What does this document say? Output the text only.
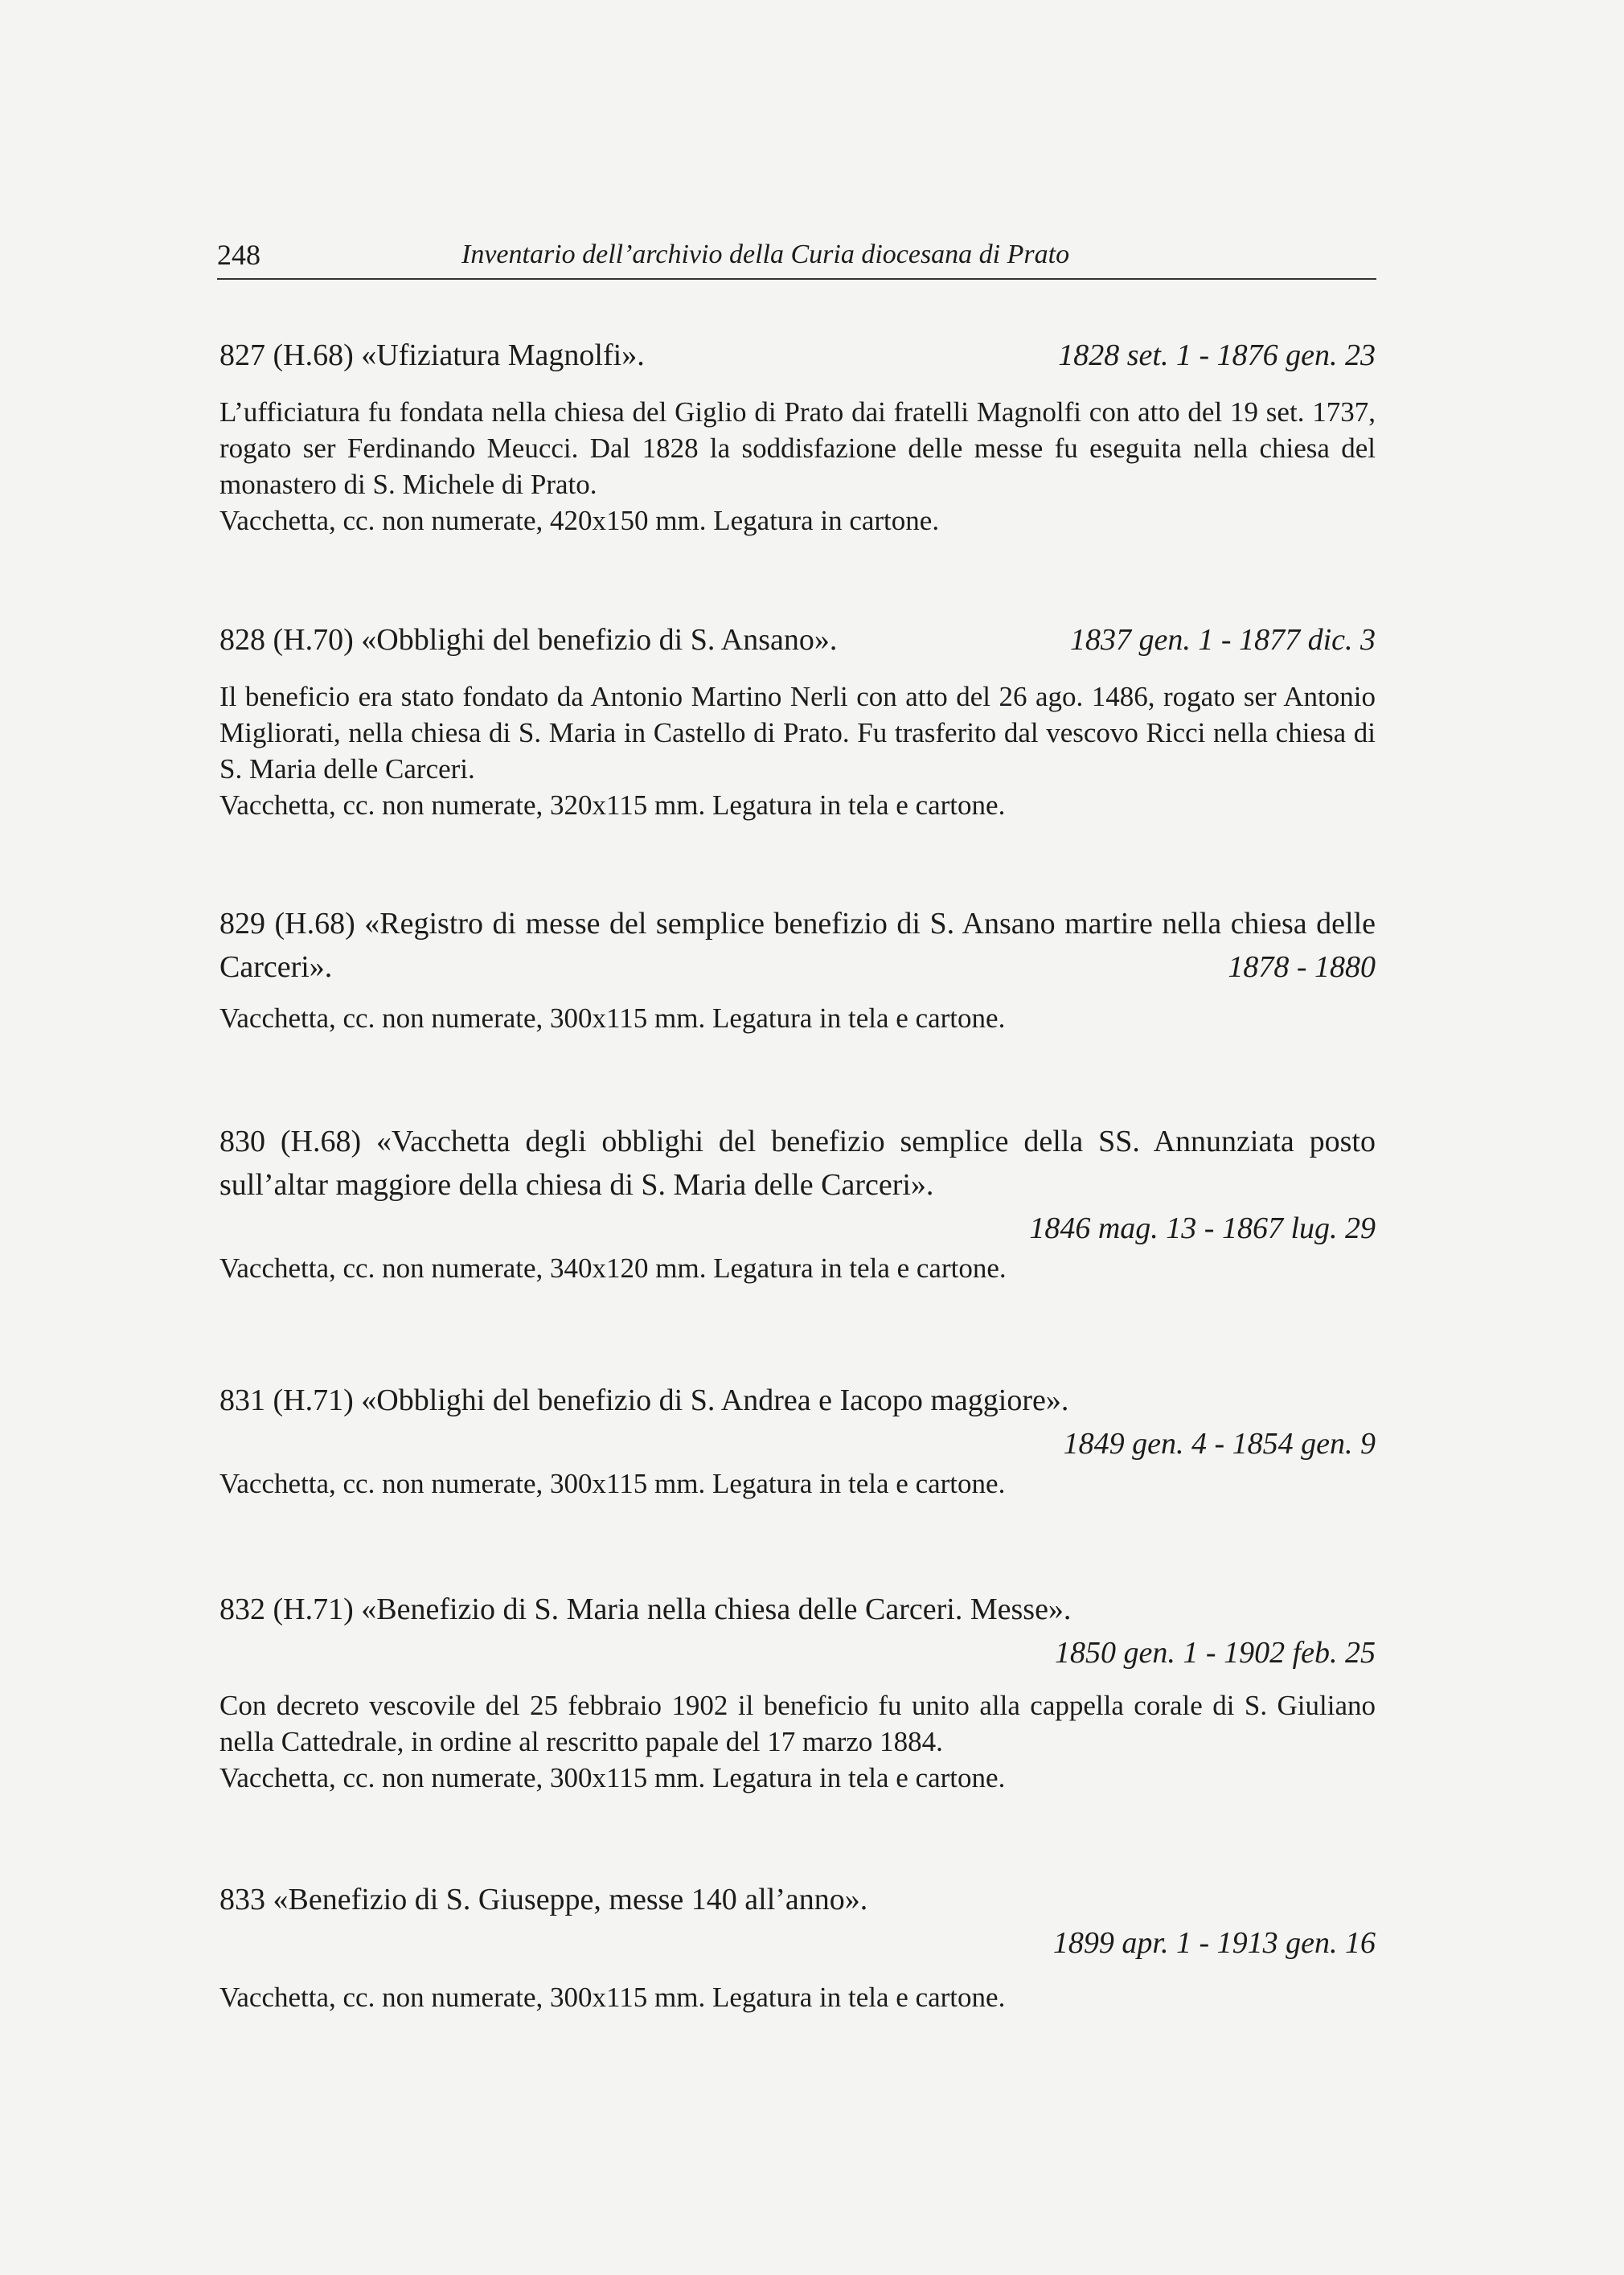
248	Inventario dell’archivio della Curia diocesana di Prato
827 (H.68) «Ufiziatura Magnolfi».	1828 set. 1 - 1876 gen. 23
L’ufficiatura fu fondata nella chiesa del Giglio di Prato dai fratelli Magnolfi con atto del 19 set. 1737, rogato ser Ferdinando Meucci. Dal 1828 la soddisfazione delle messe fu eseguita nella chiesa del monastero di S. Michele di Prato.
Vacchetta, cc. non numerate, 420x150 mm. Legatura in cartone.
828 (H.70) «Obblighi del benefizio di S. Ansano».	1837 gen. 1 - 1877 dic. 3
Il beneficio era stato fondato da Antonio Martino Nerli con atto del 26 ago. 1486, rogato ser Antonio Migliorati, nella chiesa di S. Maria in Castello di Prato. Fu trasferito dal vescovo Ricci nella chiesa di S. Maria delle Carceri.
Vacchetta, cc. non numerate, 320x115 mm. Legatura in tela e cartone.
829 (H.68) «Registro di messe del semplice benefizio di S. Ansano martire nella chiesa delle Carceri».	1878 - 1880
Vacchetta, cc. non numerate, 300x115 mm. Legatura in tela e cartone.
830 (H.68) «Vacchetta degli obblighi del benefizio semplice della SS. Annunziata posto sull’altar maggiore della chiesa di S. Maria delle Carceri».
1846 mag. 13 - 1867 lug. 29
Vacchetta, cc. non numerate, 340x120 mm. Legatura in tela e cartone.
831 (H.71) «Obblighi del benefizio di S. Andrea e Iacopo maggiore».
1849 gen. 4 - 1854 gen. 9
Vacchetta, cc. non numerate, 300x115 mm. Legatura in tela e cartone.
832 (H.71) «Benefizio di S. Maria nella chiesa delle Carceri. Messe».
1850 gen. 1 - 1902 feb. 25
Con decreto vescovile del 25 febbraio 1902 il beneficio fu unito alla cappella corale di S. Giuliano nella Cattedrale, in ordine al rescritto papale del 17 marzo 1884.
Vacchetta, cc. non numerate, 300x115 mm. Legatura in tela e cartone.
833 «Benefizio di S. Giuseppe, messe 140 all’anno».
1899 apr. 1 - 1913 gen. 16
Vacchetta, cc. non numerate, 300x115 mm. Legatura in tela e cartone.
